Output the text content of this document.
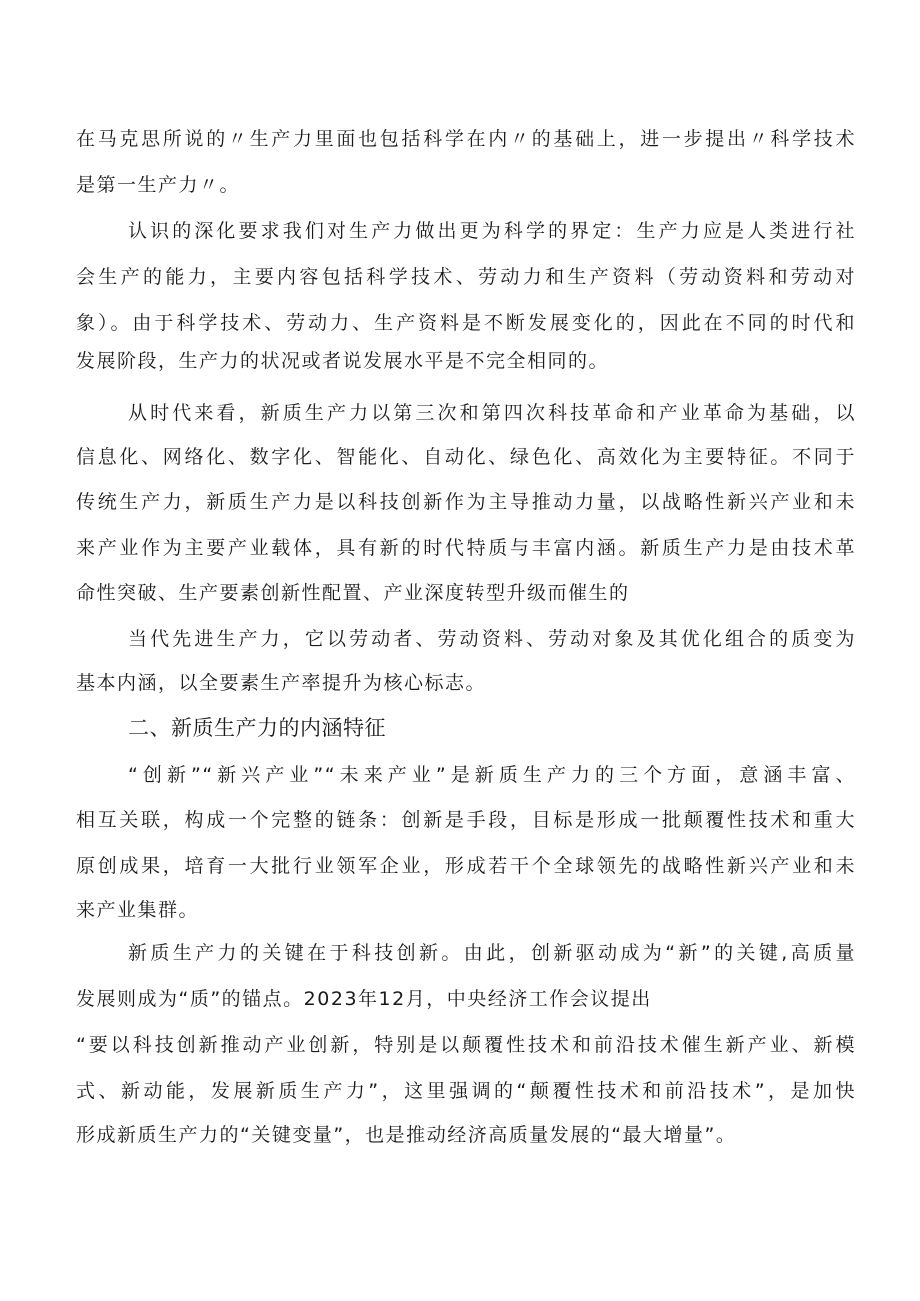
在马克思所说的〃生产力里面也包括科学在内〃的基础上，进一步提出〃科学技术
是第一生产力〃。
认识的深化要求我们对生产力做出更为科学的界定：生产力应是人类进行社
会生产的能力，主要内容包括科学技术、劳动力和生产资料（劳动资料和劳动对
象）。由于科学技术、劳动力、生产资料是不断发展变化的，因此在不同的时代和
发展阶段，生产力的状况或者说发展水平是不完全相同的。
从时代来看，新质生产力以第三次和第四次科技革命和产业革命为基础，以
信息化、网络化、数字化、智能化、自动化、绿色化、高效化为主要特征。不同于
传统生产力，新质生产力是以科技创新作为主导推动力量，以战略性新兴产业和未
来产业作为主要产业载体，具有新的时代特质与丰富内涵。新质生产力是由技术革
命性突破、生产要素创新性配置、产业深度转型升级而催生的
当代先进生产力，它以劳动者、劳动资料、劳动对象及其优化组合的质变为
基本内涵，以全要素生产率提升为核心标志。
二、新质生产力的内涵特征
“创新”“新兴产业”“未来产业”是新质生产力的三个方面，意涵丰富、
相互关联，构成一个完整的链条：创新是手段，目标是形成一批颠覆性技术和重大
原创成果，培育一大批行业领军企业，形成若干个全球领先的战略性新兴产业和未
来产业集群。
新质生产力的关键在于科技创新。由此，创新驱动成为“新”的关键,高质量
发展则成为“质”的锚点。2023年12月，中央经济工作会议提出
“要以科技创新推动产业创新，特别是以颠覆性技术和前沿技术催生新产业、新模
式、新动能，发展新质生产力”，这里强调的“颠覆性技术和前沿技术”，是加快
形成新质生产力的“关键变量”，也是推动经济高质量发展的“最大增量”。
